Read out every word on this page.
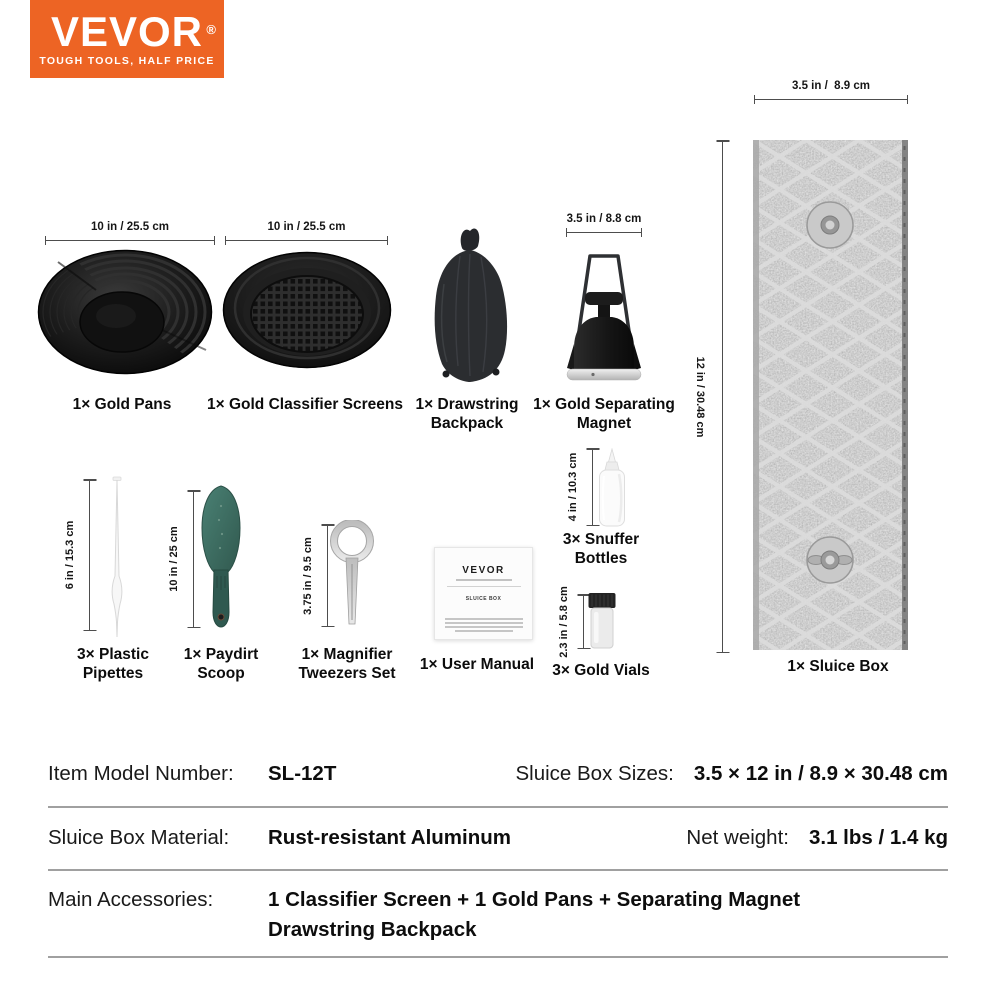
VEVOR ®
TOUGH TOOLS, HALF PRICE
10 in / 25.5 cm
1× Gold Pans
10 in / 25.5 cm
1× Gold Classifier Screens 1× Drawstring Backpack
3.5 in / 8.8 cm
1× Gold Separating Magnet
3.5 in /  8.9 cm
12 in / 30.48 cm
1× Sluice Box
6 in / 15.3 cm
3× Plastic Pipettes
10 in / 25 cm
1× Paydirt Scoop
3.75 in / 9.5 cm
1× Magnifier Tweezers Set
VEVOR
SLUICE BOX
1× User Manual
4 in / 10.3 cm
3× Snuffer Bottles
2.3 in / 5.8 cm
3× Gold Vials
Item Model Number: SL-12T	Sluice Box Sizes: 3.5 × 12 in / 8.9 × 30.48 cm
Sluice Box Material: Rust-resistant Aluminum	Net weight: 3.1 lbs / 1.4 kg
Main Accessories:	1 Classifier Screen + 1 Gold Pans + Separating Magnet
Drawstring Backpack
